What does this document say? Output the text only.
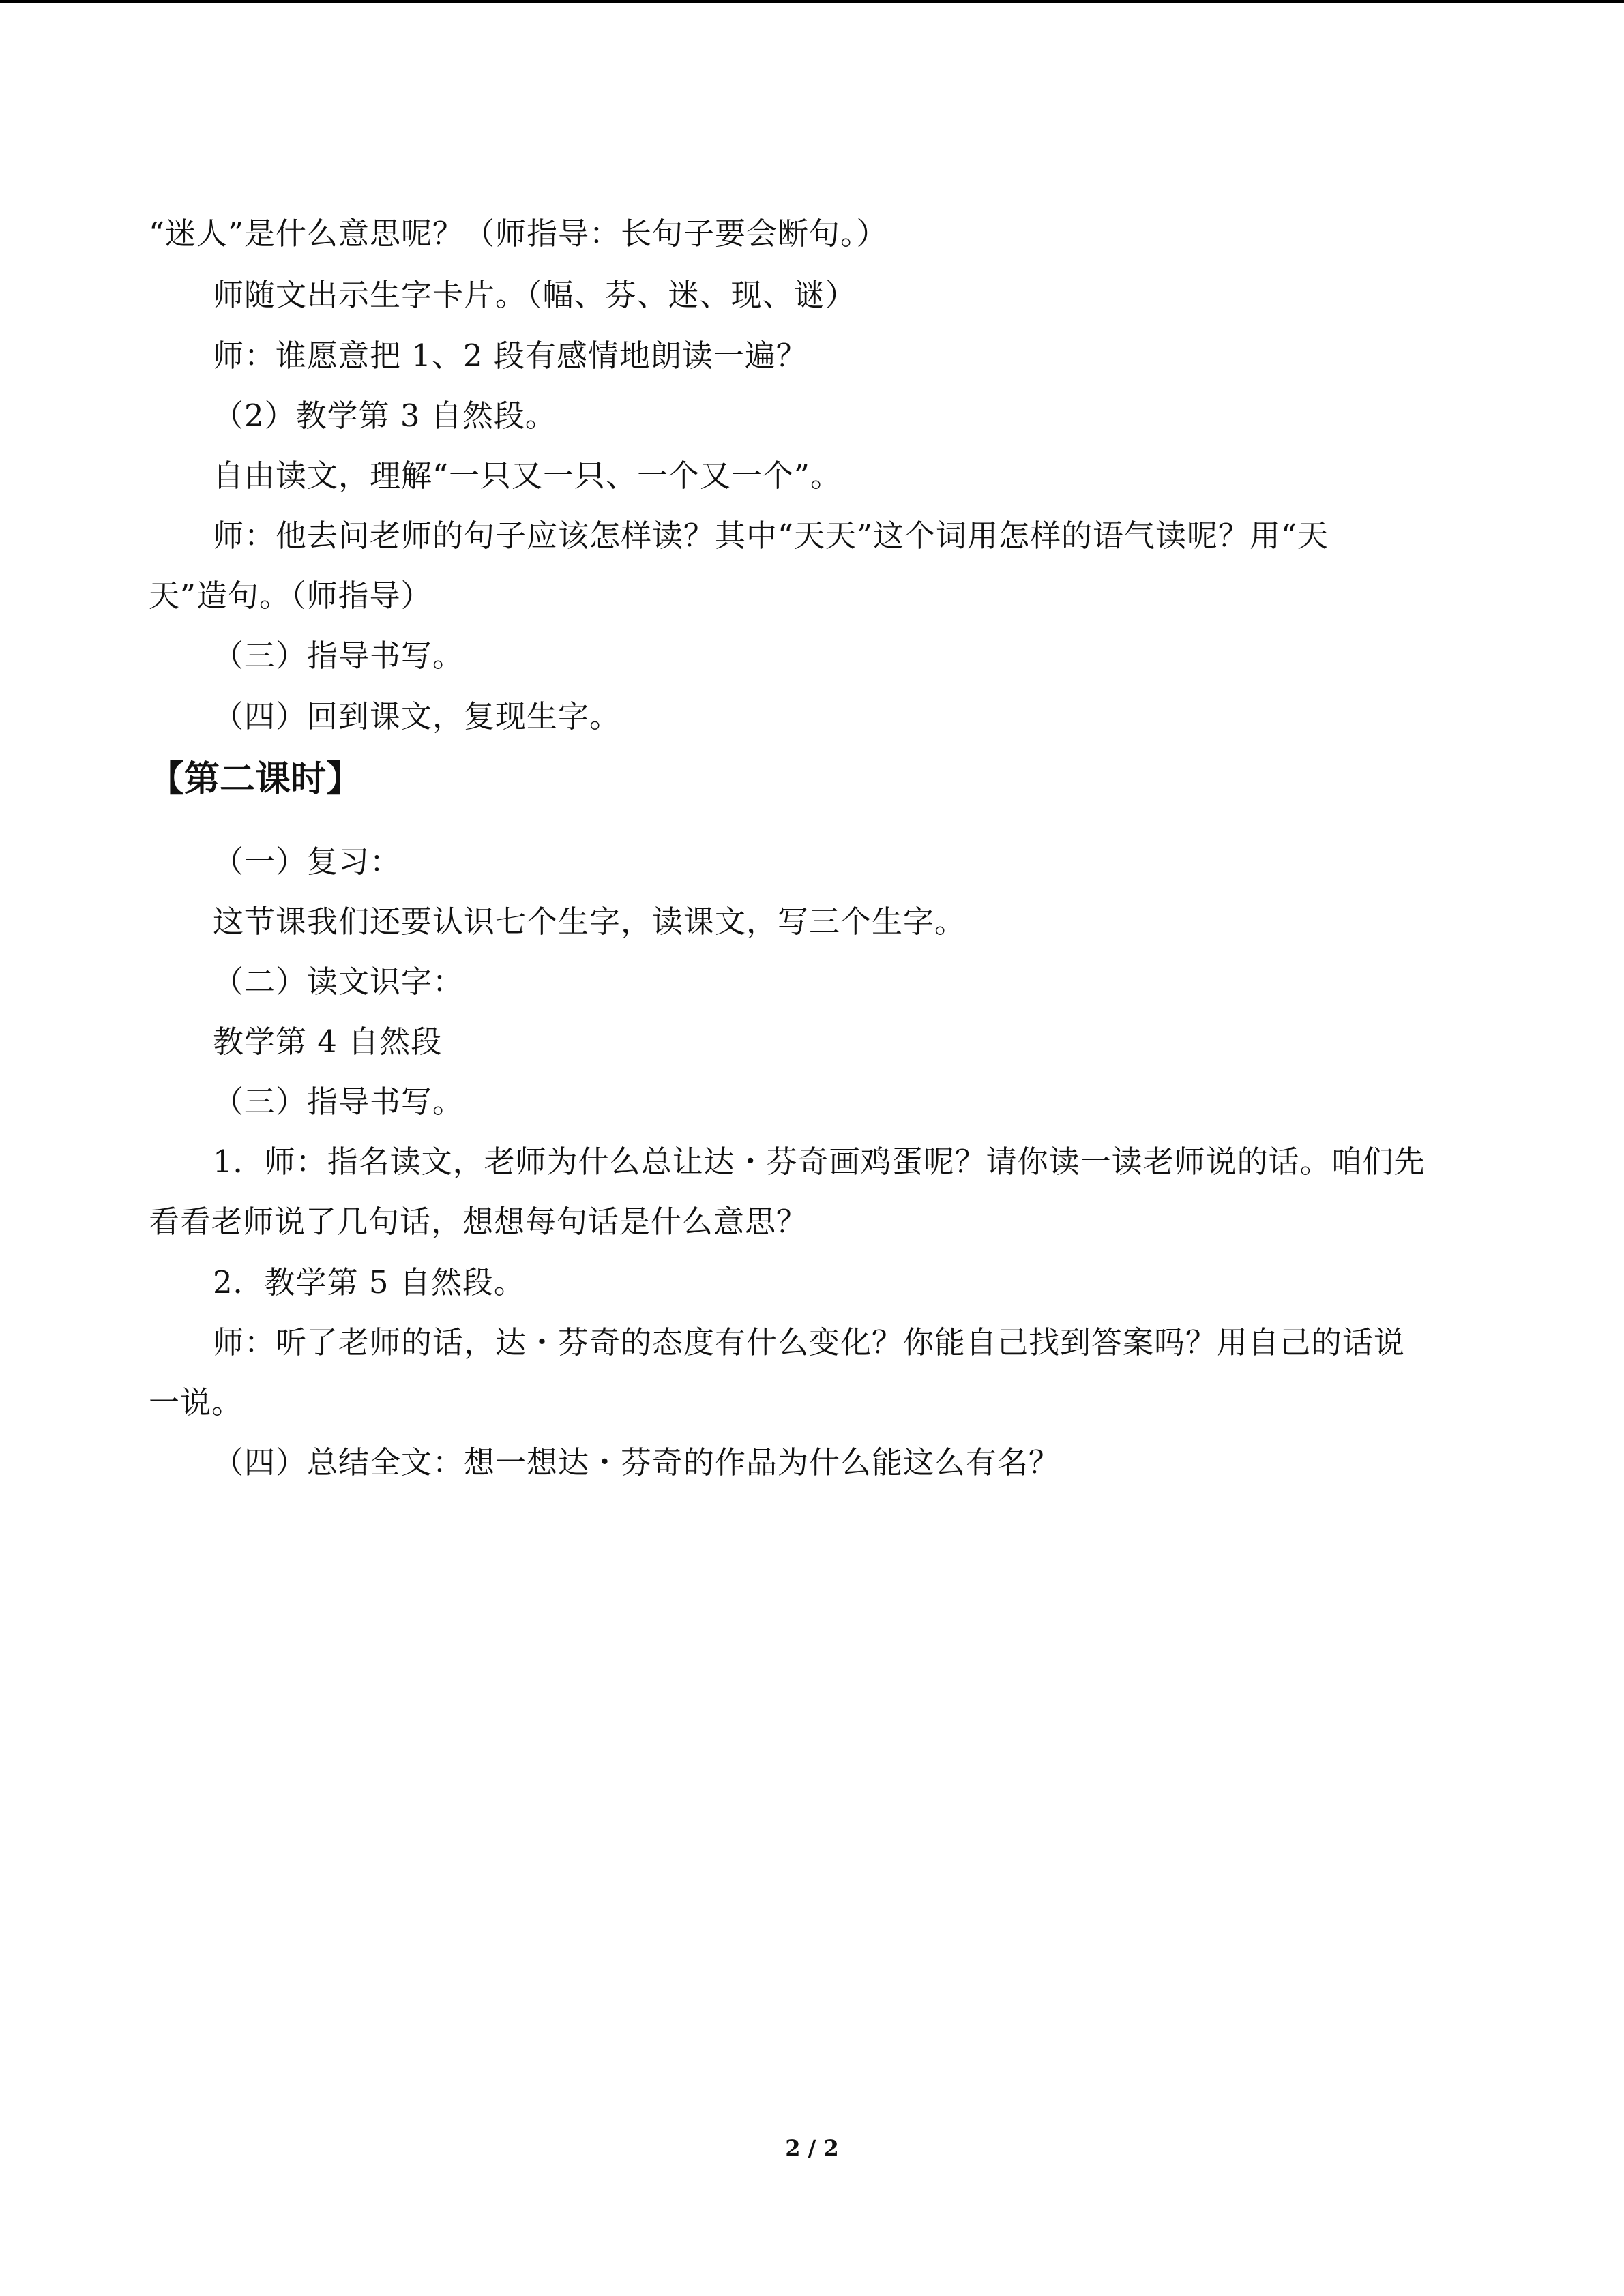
“迷人”是什么意思呢？（师指导：长句子要会断句。）
师随文出示生字卡片。（幅、芬、迷、现、谜）
师：谁愿意把 1、2 段有感情地朗读一遍？
（2）教学第 3 自然段。
自由读文，理解“一只又一只、一个又一个”。
师：他去问老师的句子应该怎样读？其中“天天”这个词用怎样的语气读呢？用“天
天”造句。（师指导）
（三）指导书写。
（四）回到课文，复现生字。
【第二课时】
（一）复习：
这节课我们还要认识七个生字，读课文，写三个生字。
（二）读文识字：
教学第 4 自然段
（三）指导书写。
1．师：指名读文，老师为什么总让达・芬奇画鸡蛋呢？请你读一读老师说的话。咱们先
看看老师说了几句话，想想每句话是什么意思？
2．教学第 5 自然段。
师：听了老师的话，达・芬奇的态度有什么变化？你能自己找到答案吗？用自己的话说
一说。
（四）总结全文：想一想达・芬奇的作品为什么能这么有名？
2 / 2
